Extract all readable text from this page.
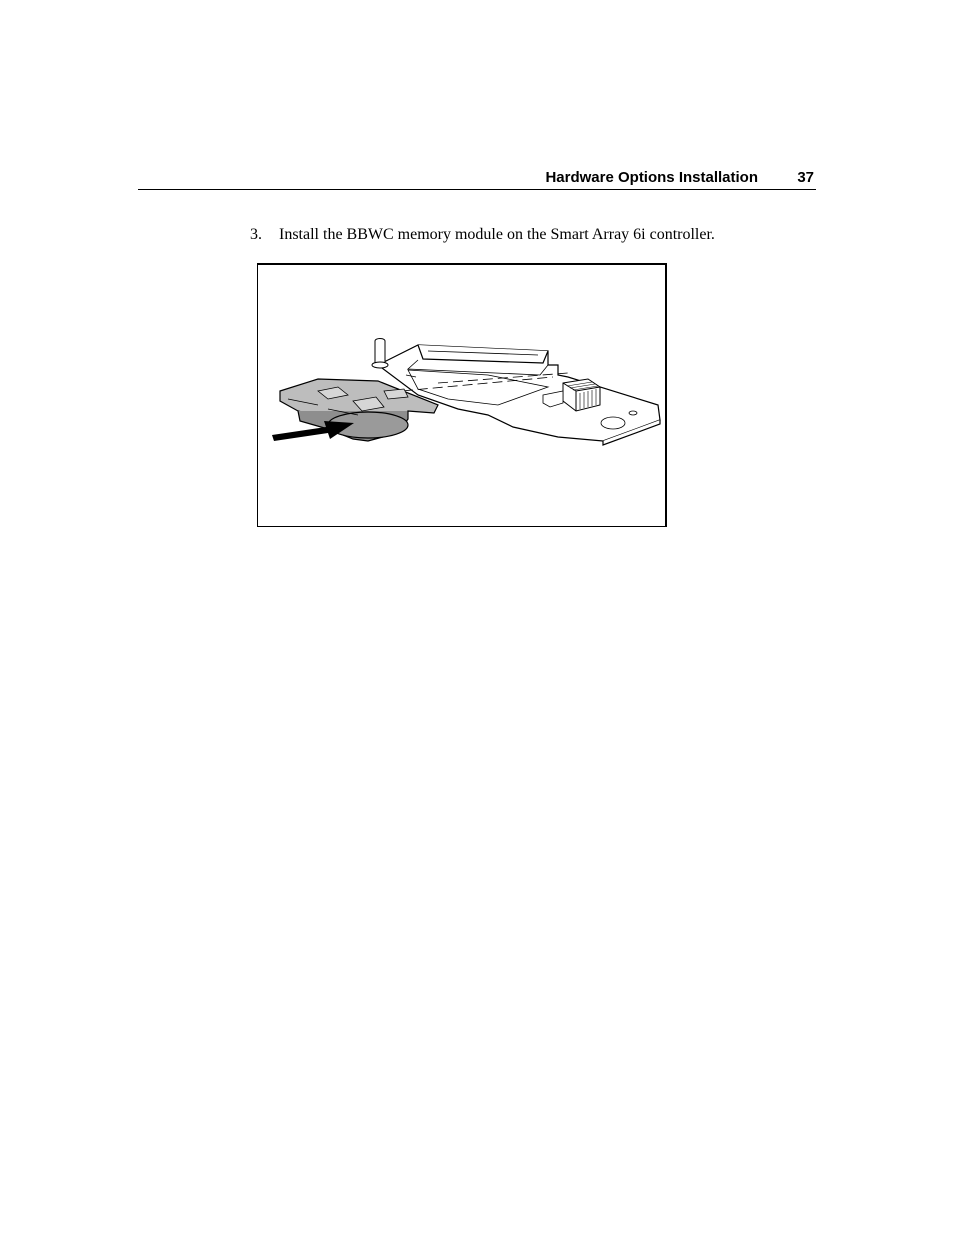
Hardware Options Installation	37
3. Install the BBWC memory module on the Smart Array 6i controller.
